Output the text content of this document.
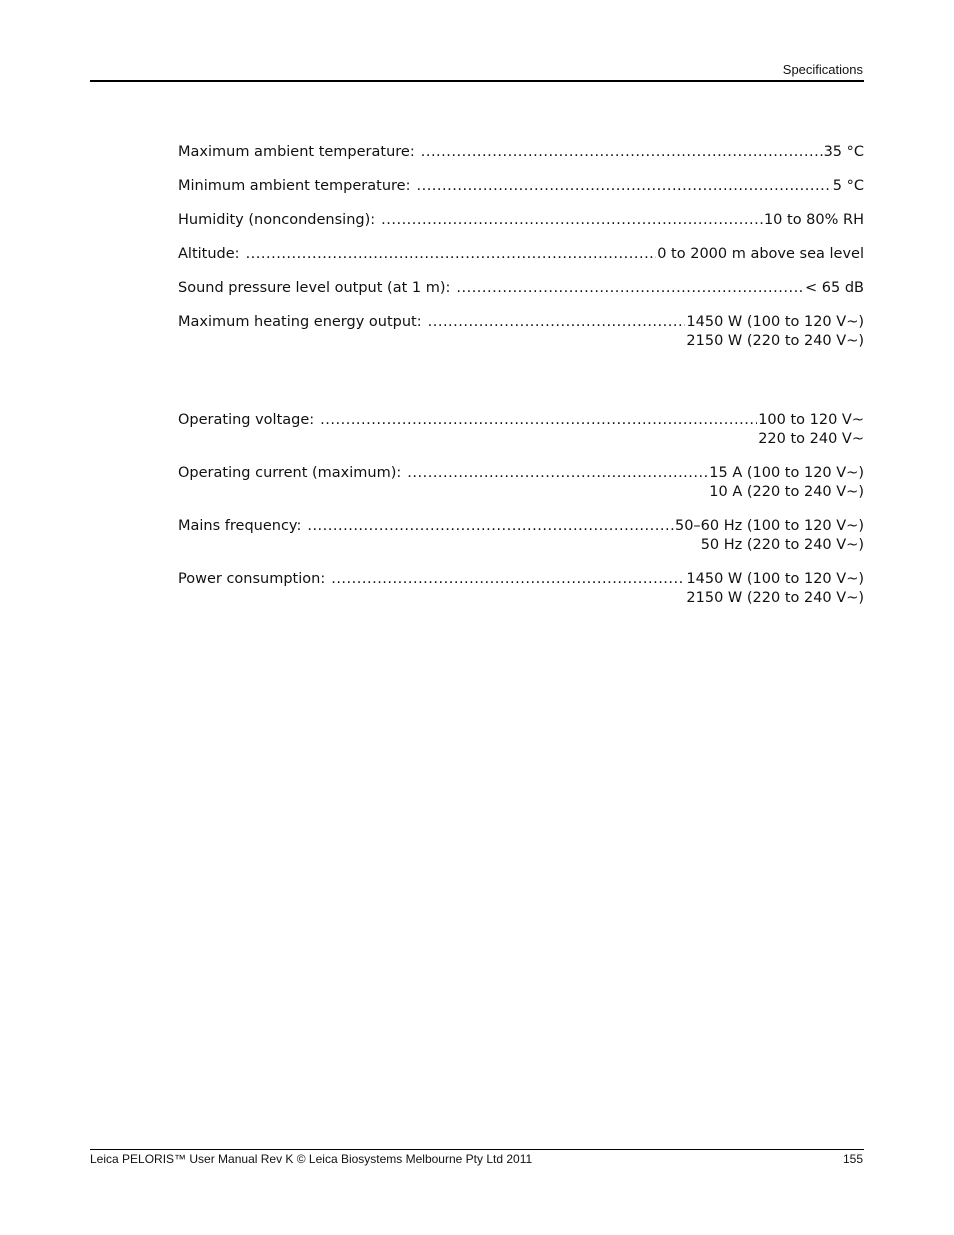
Specifications
Maximum ambient temperature: .....	35 °C
Minimum ambient temperature: .....	5 °C
Humidity (noncondensing): .....	10 to 80% RH
Altitude: .....	0 to 2000 m above sea level
Sound pressure level output (at 1 m): .....	< 65 dB
Maximum heating energy output: .....	1450 W (100 to 120 V~)
2150 W (220 to 240 V~)
Operating voltage: .....	100 to 120 V~
220 to 240 V~
Operating current (maximum): .....	15 A (100 to 120 V~)
10 A (220 to 240 V~)
Mains frequency: .....	50–60 Hz (100 to 120 V~)
50 Hz (220 to 240 V~)
Power consumption: .....	1450 W (100 to 120 V~)
2150 W (220 to 240 V~)
Leica PELORIS™ User Manual Rev K © Leica Biosystems Melbourne Pty Ltd 2011	155
